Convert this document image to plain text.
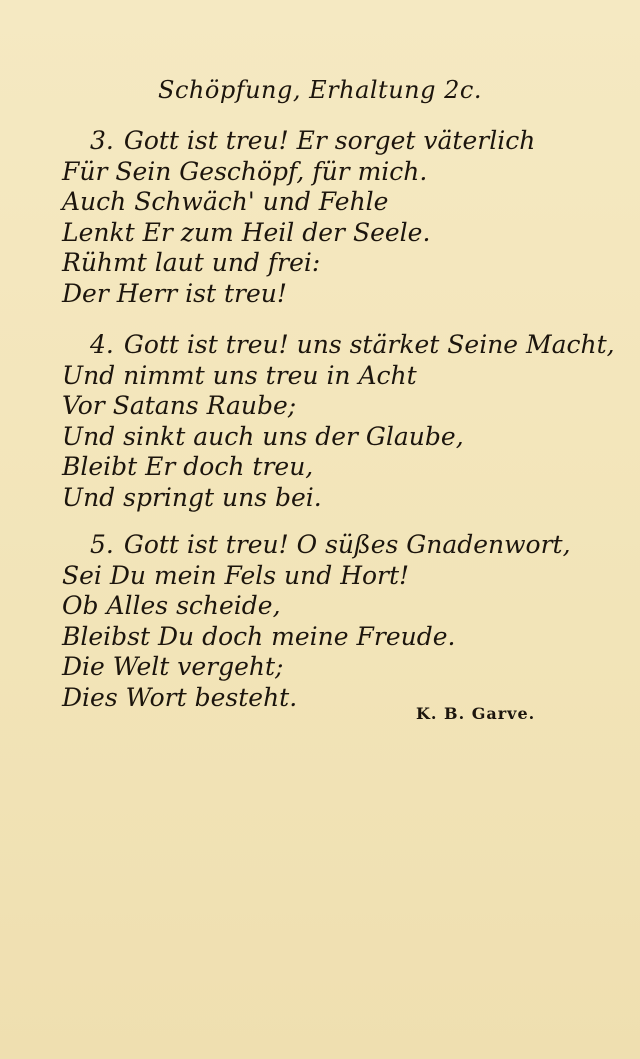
Schöpfung, Erhaltung 2c.
3. Gott ist treu! Er sorget väterlich
Für Sein Geschöpf, für mich.
Auch Schwäch' und Fehle
Lenkt Er zum Heil der Seele.
Rühmt laut und frei:
Der Herr ist treu!
4. Gott ist treu! uns stärket Seine Macht,
Und nimmt uns treu in Acht
Vor Satans Raube;
Und sinkt auch uns der Glaube,
Bleibt Er doch treu,
Und springt uns bei.
5. Gott ist treu! O süßes Gnadenwort,
Sei Du mein Fels und Hort!
Ob Alles scheide,
Bleibst Du doch meine Freude.
Die Welt vergeht;
Dies Wort besteht.
K. B. Garve.
